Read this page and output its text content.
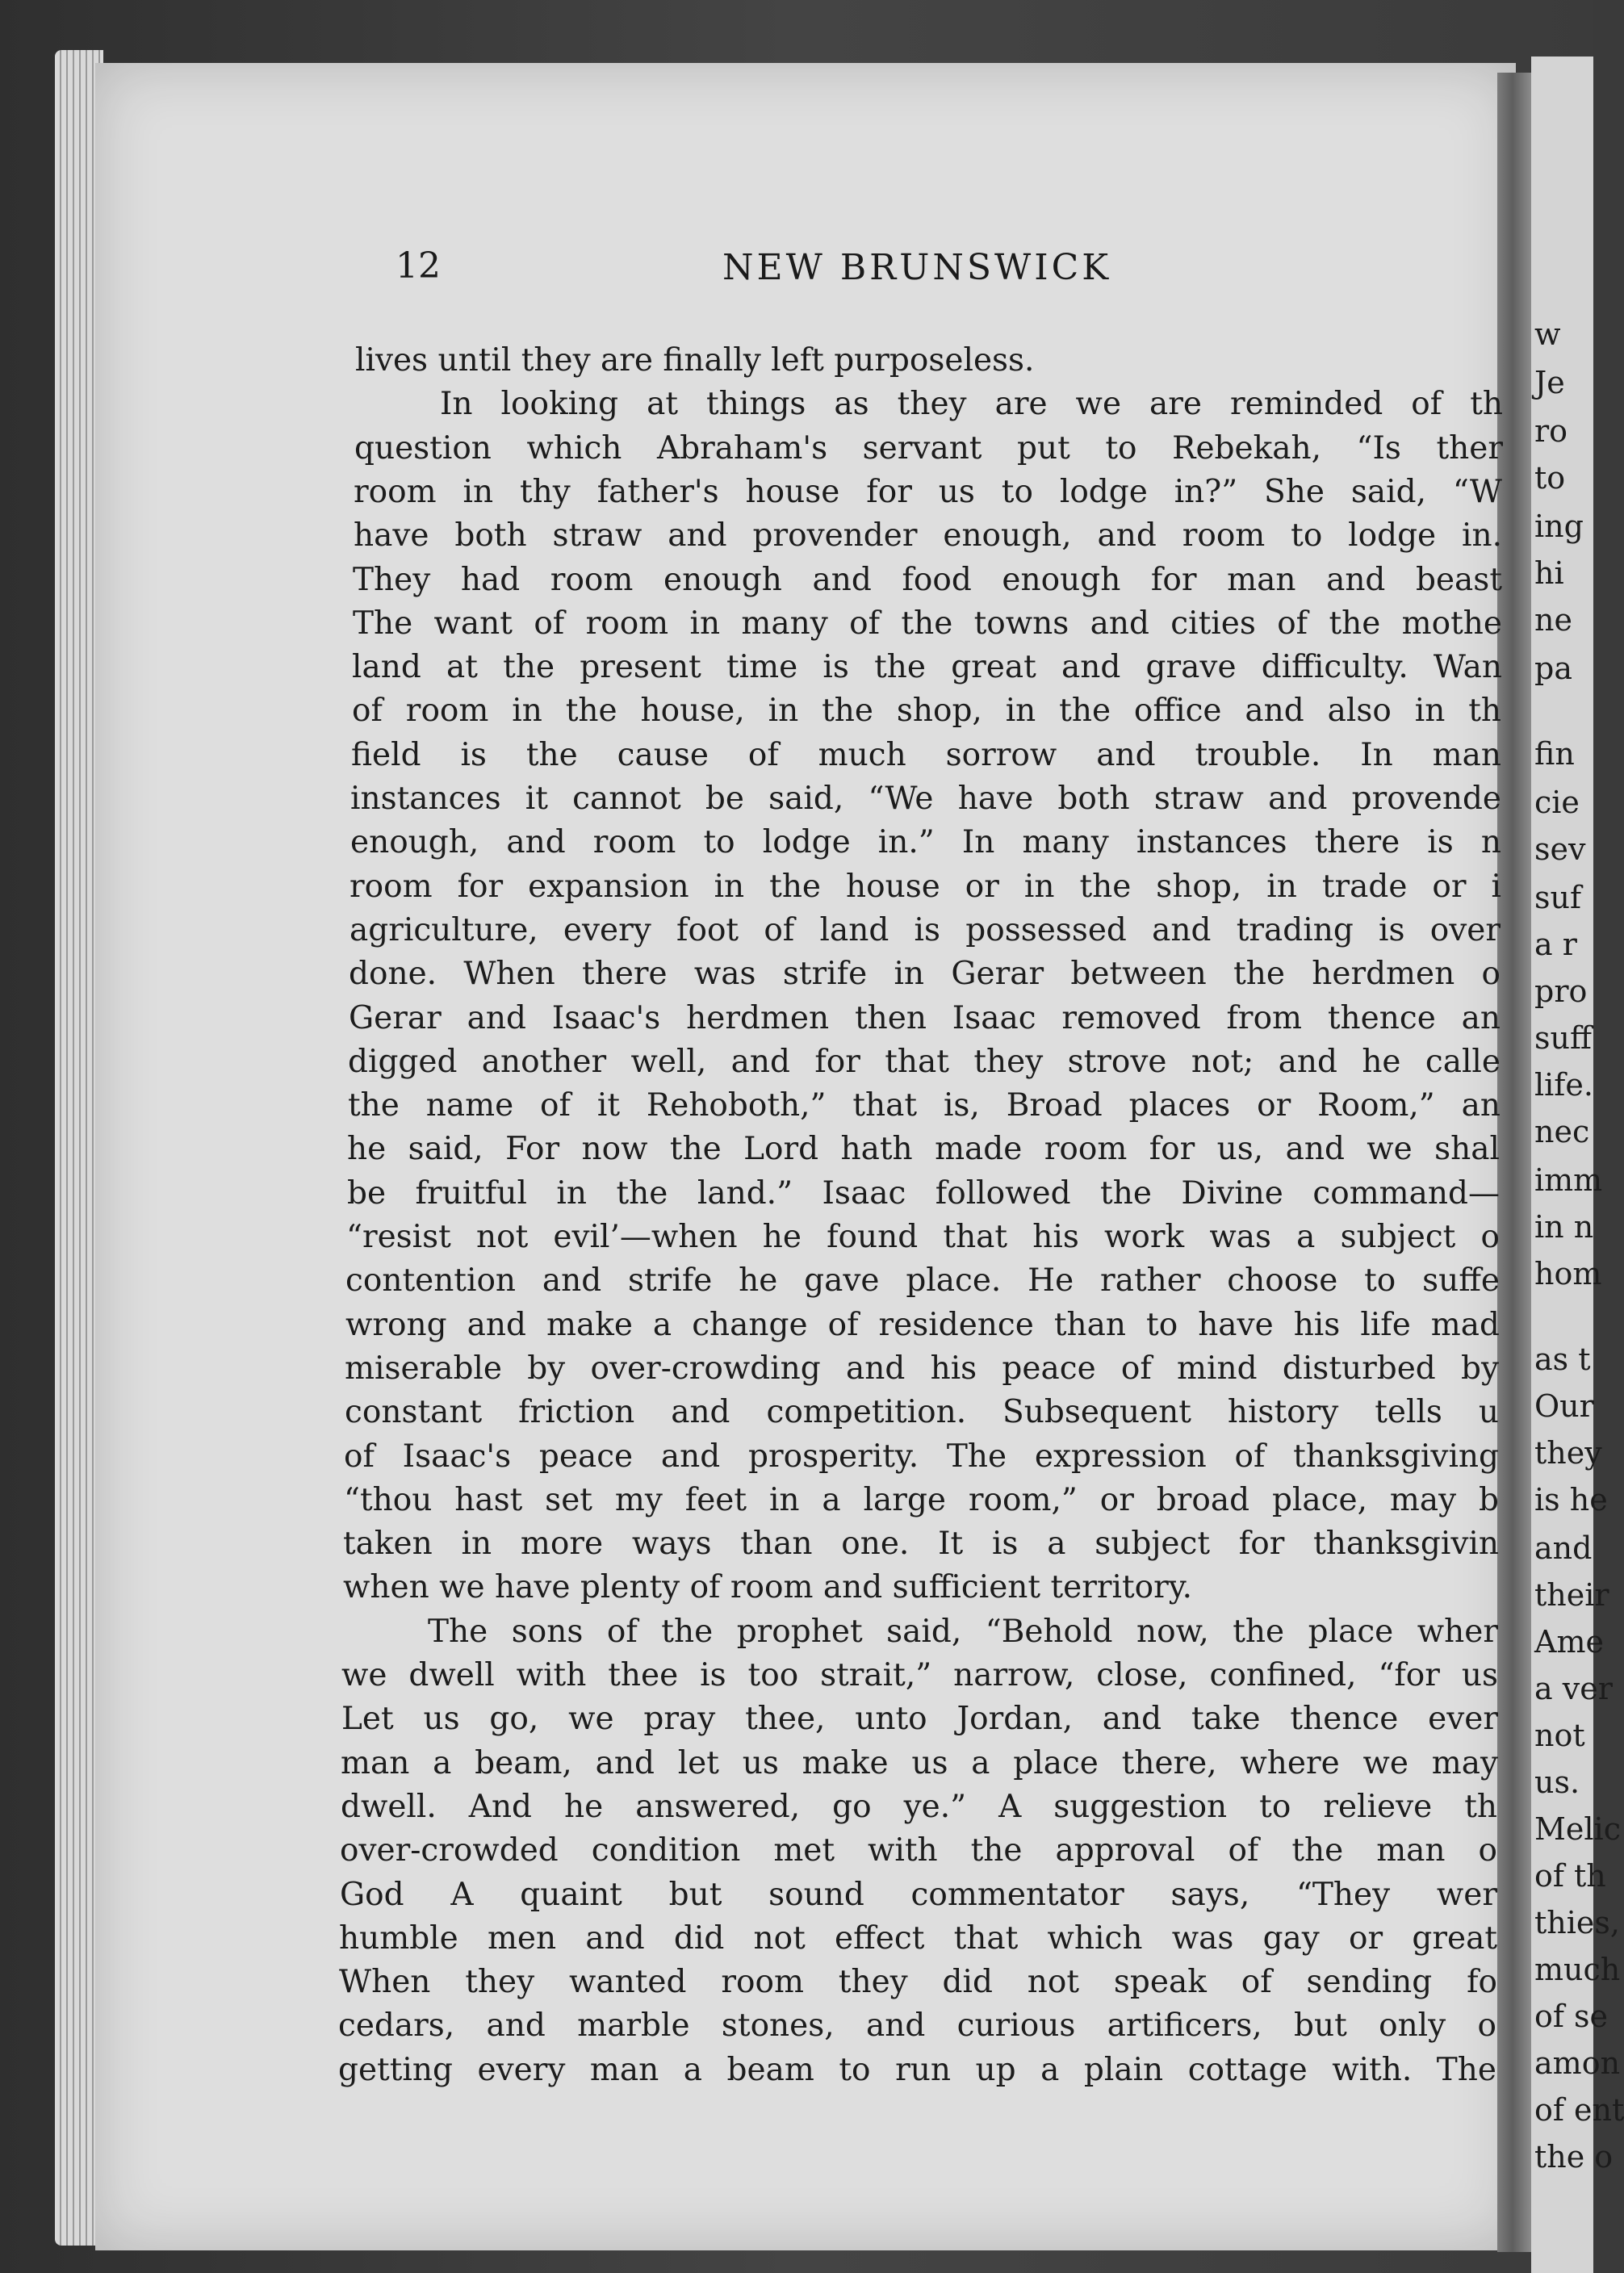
w
Je
ro
to
ing
hi
ne
pa
fin
cie
sev
suf
a r
pro
suff
life.
nec
imm
in n
hom
as t
Our
they
is he
and
their
Ame
a ver
not
us.
Melic
of th
thies,
much
of se
amon
of ent
the o
12	NEW BRUNSWICK
lives until they are finally left purposeless.
In looking at things as they are we are reminded of th
question which Abraham's servant put to Rebekah, “Is ther
room in thy father's house for us to lodge in?” She said, “W
have both straw and provender enough, and room to lodge in.
They had room enough and food enough for man and beast
The want of room in many of the towns and cities of the mothe
land at the present time is the great and grave difficulty. Wan
of room in the house, in the shop, in the office and also in th
field is the cause of much sorrow and trouble. In man
instances it cannot be said, “We have both straw and provende
enough, and room to lodge in.” In many instances there is n
room for expansion in the house or in the shop, in trade or i
agriculture, every foot of land is possessed and trading is over
done. When there was strife in Gerar between the herdmen o
Gerar and Isaac's herdmen then Isaac removed from thence an
digged another well, and for that they strove not; and he calle
the name of it Rehoboth,” that is, Broad places or Room,” an
he said, For now the Lord hath made room for us, and we shal
be fruitful in the land.” Isaac followed the Divine command—
“resist not evil’—when he found that his work was a subject o
contention and strife he gave place. He rather choose to suffe
wrong and make a change of residence than to have his life mad
miserable by over-crowding and his peace of mind disturbed by
constant friction and competition. Subsequent history tells u
of Isaac's peace and prosperity. The expression of thanksgiving
“thou hast set my feet in a large room,” or broad place, may b
taken in more ways than one. It is a subject for thanksgivin
when we have plenty of room and sufficient territory.
The sons of the prophet said, “Behold now, the place wher
we dwell with thee is too strait,” narrow, close, confined, “for us
Let us go, we pray thee, unto Jordan, and take thence ever
man a beam, and let us make us a place there, where we may
dwell. And he answered, go ye.” A suggestion to relieve th
over-crowded condition met with the approval of the man o
God A quaint but sound commentator says, “They wer
humble men and did not effect that which was gay or great
When they wanted room they did not speak of sending fo
cedars, and marble stones, and curious artificers, but only o
getting every man a beam to run up a plain cottage with. The
